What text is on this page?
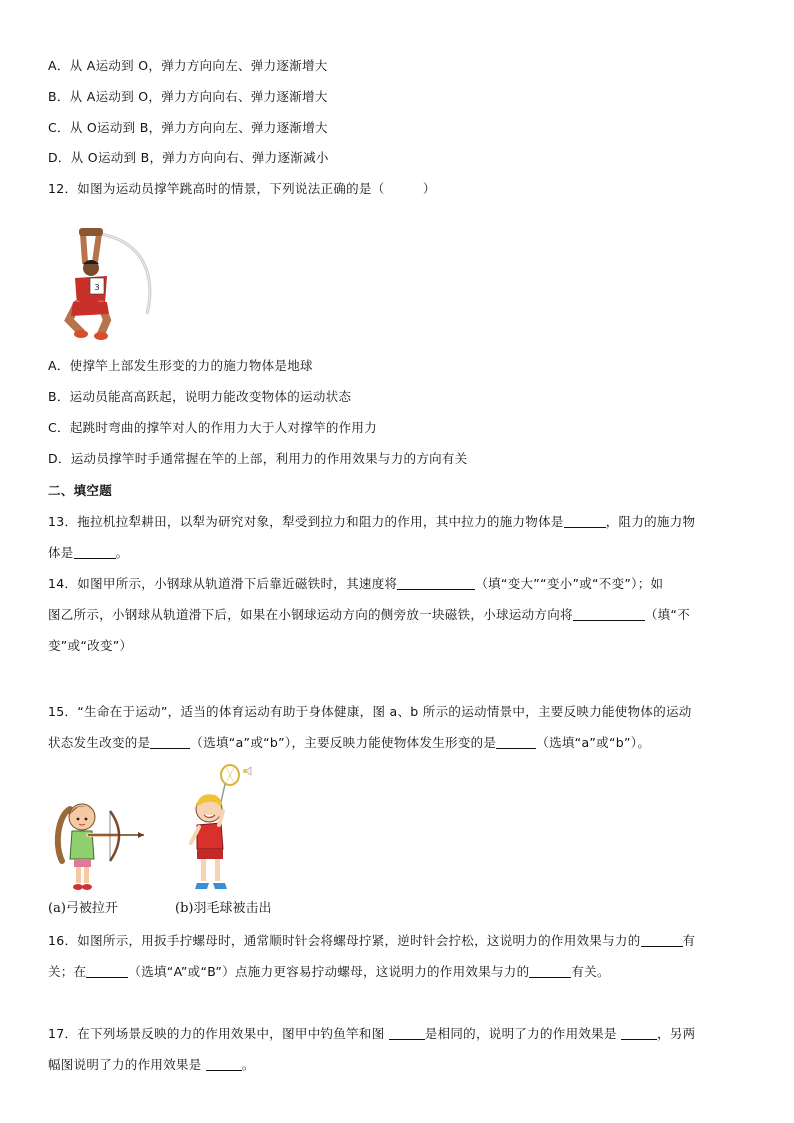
A．从 A运动到 O，弹力方向向左、弹力逐渐增大
B．从 A运动到 O，弹力方向向右、弹力逐渐增大
C．从 O运动到 B，弹力方向向左、弹力逐渐增大
D．从 O运动到 B，弹力方向向右、弹力逐渐减小
12．如图为运动员撑竿跳高时的情景，下列说法正确的是（　　　）
3
A．使撑竿上部发生形变的力的施力物体是地球
B．运动员能高高跃起，说明力能改变物体的运动状态
C．起跳时弯曲的撑竿对人的作用力大于人对撑竿的作用力
D．运动员撑竿时手通常握在竿的上部，利用力的作用效果与力的方向有关
二、填空题
13．拖拉机拉犁耕田，以犁为研究对象，犁受到拉力和阻力的作用，其中拉力的施力物体是	，阻力的施力物
体是	。
14．如图甲所示，小钢球从轨道滑下后靠近磁铁时，其速度将	（填“变大”“变小”或“不变”）；如
图乙所示，小钢球从轨道滑下后，如果在小钢球运动方向的侧旁放一块磁铁，小球运动方向将	（填“不
变”或“改变”）
15．“生命在于运动”，适当的体育运动有助于身体健康，图 a、b 所示的运动情景中，主要反映力能使物体的运动
状态发生改变的是	（选填“a”或“b”），主要反映力能使物体发生形变的是	（选填“a”或“b”）。
(a)弓被拉开	(b)羽毛球被击出
16．如图所示，用扳手拧螺母时，通常顺时针会将螺母拧紧，逆时针会拧松，这说明力的作用效果与力的	有
关；在	（选填“A”或“B”）点施力更容易拧动螺母，这说明力的作用效果与力的	有关。
17．在下列场景反映的力的作用效果中，图甲中钓鱼竿和图	是相同的，说明了力的作用效果是	，另两
幅图说明了力的作用效果是	。
